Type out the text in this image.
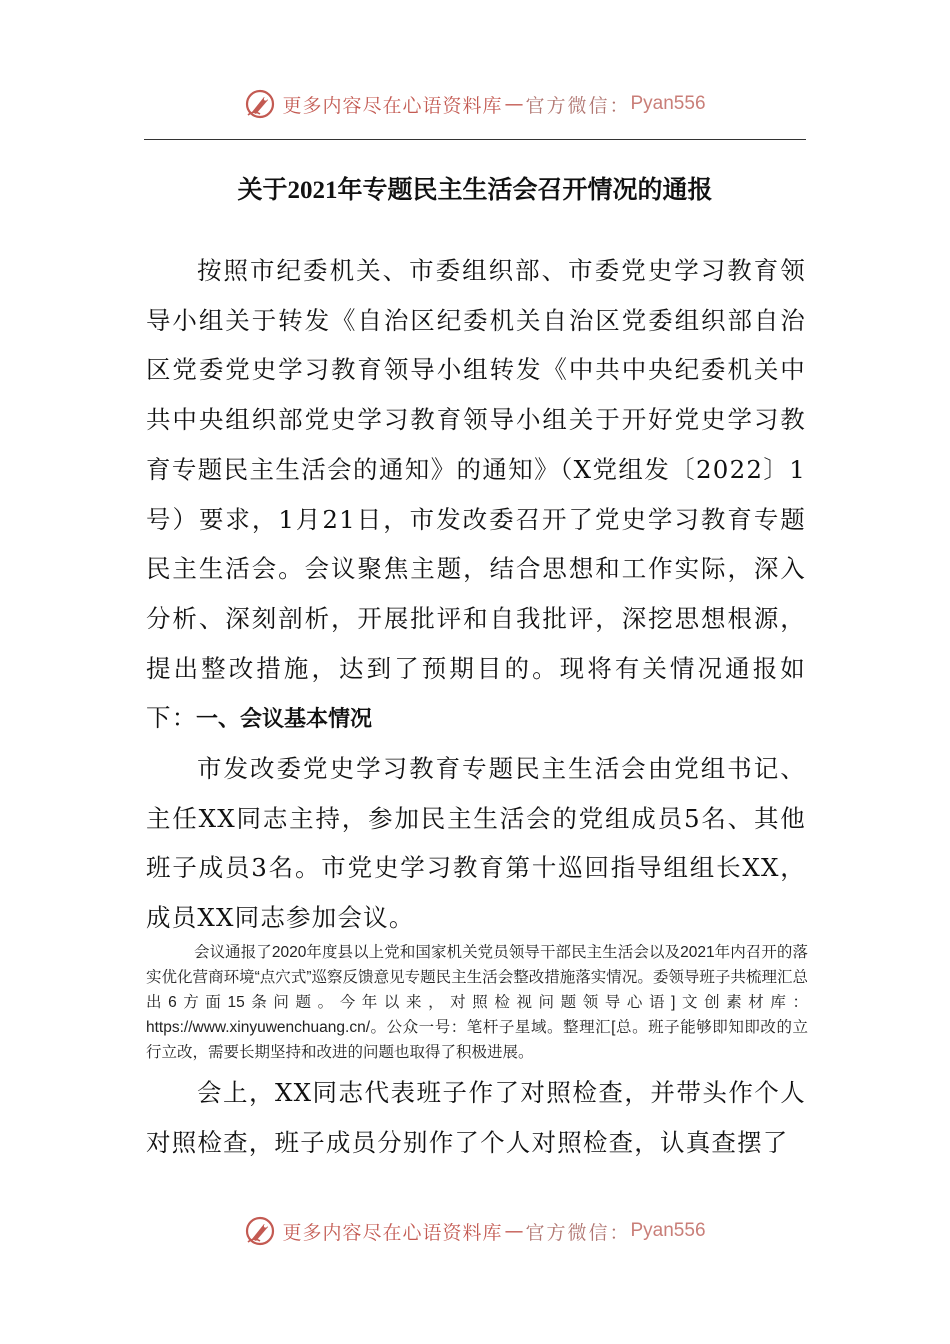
更多内容尽在心语资料库 — 官方微信： Pyan556
关于2021年专题民主生活会召开情况的通报

按照市纪委机关、市委组织部、市委党史学习教育领导小组关于转发《自治区纪委机关自治区党委组织部自治区党委党史学习教育领导小组转发《中共中央纪委机关中共中央组织部党史学习教育领导小组关于开好党史学习教育专题民主生活会的通知》的通知》（X党组发〔2022〕1号）要求，1月21日，市发改委召开了党史学习教育专题民主生活会。会议聚焦主题，结合思想和工作实际，深入分析、深刻剖析，开展批评和自我批评，深挖思想根源，提出整改措施，达到了预期目的。现将有关情况通报如下：

一、会议基本情况

市发改委党史学习教育专题民主生活会由党组书记、主任XX同志主持，参加民主生活会的党组成员5名、其他班子成员3名。市党史学习教育第十巡回指导组组长XX，成员XX同志参加会议。

会议通报了2020年度县以上党和国家机关党员领导干部民主生活会以及2021年内召开的落实优化营商环境“点穴式”巡察反馈意见专题民主生活会整改措施落实情况。委领导班子共梳理汇总出6方面15条问题。今年以来，对照检视问题领导心语]文创素材库：https://www.xinyuwenchuang.cn/。公众一号：笔杆子星域。整理汇[总。班子能够即知即改的立行立改，需要长期坚持和改进的问题也取得了积极进展。

会上，XX同志代表班子作了对照检查，并带头作个人对照检查，班子成员分别作了个人对照检查，认真查摆了

更多内容尽在心语资料库 — 官方微信： Pyan556
